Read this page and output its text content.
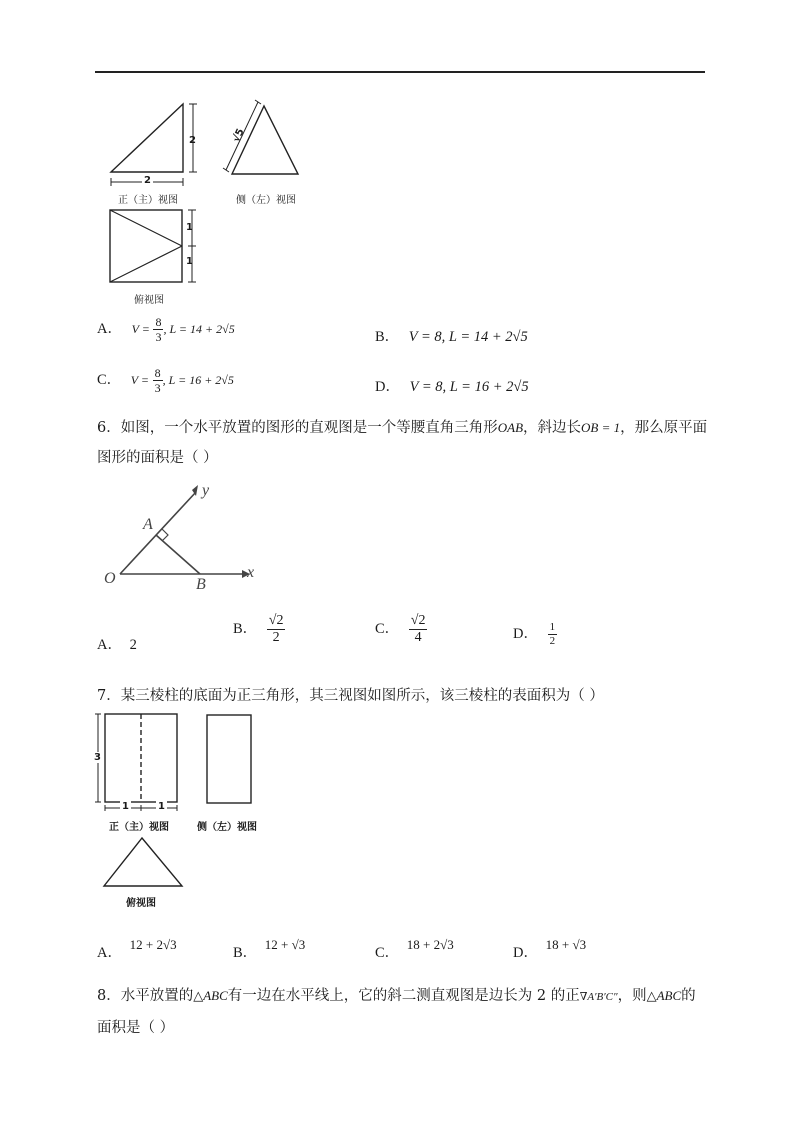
2
2
正（主）视图
√5
侧（左）视图
1
1
俯视图
A． $V = \frac{8}{3}$ , L = 14 + 2√5
B． V = 8, L = 14 + 2√5
C． $V = \frac{8}{3}$ , L = 16 + 2√5	D． V = 8, L = 16 + 2√5
6．如图，一个水平放置的图形的直观图是一个等腰直角三角形OAB，斜边长OB = 1，那么原平面
图形的面积是（ ）
y
x
A
O	B
A． 2
B． $\frac{√2}{2}$	C． $\frac{√2}{4}$	D． $\frac{1}{2}$
7．某三棱柱的底面为正三角形，其三视图如图所示，该三棱柱的表面积为（ ）
3
1	1
正（主）视图	侧（左）视图
俯视图
A． 12 + 2√3
B． 12 + √3
C． 18 + 2√3
D． 18 + √3
8．水平放置的△ABC有一边在水平线上，它的斜二测直观图是边长为 2 的正∇A′B′C″，则△ABC的
面积是（ ）
